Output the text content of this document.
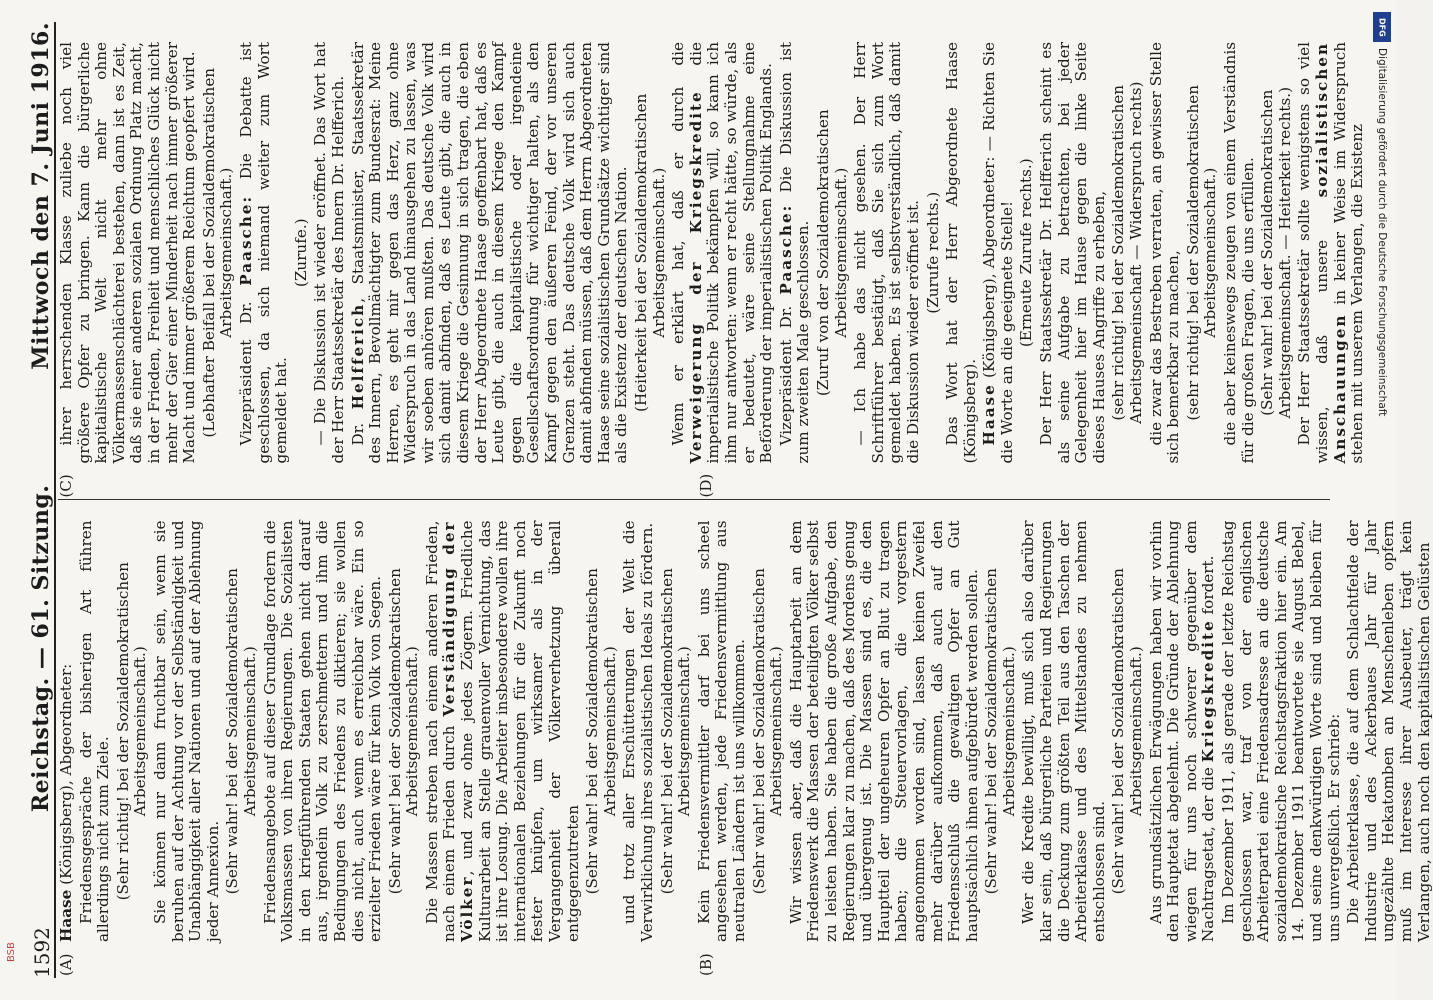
1592
Reichstag. — 61. Sitzung.
Mittwoch den 7. Juni 1916.
(A)	(B)

Haase (Königsberg), Abgeordneter: Friedensgespräche der bisherigen Art führen allerdings nicht zum Ziele. (Sehr richtig! bei der Sozialdemokratischen Arbeitsgemeinschaft.) Sie können nur dann fruchtbar sein, wenn sie beruhen auf der Achtung vor der Selbständigkeit und Unabhängigkeit aller Nationen und auf der Ablehnung jeder Annexion. (Sehr wahr! bei der Sozialdemokratischen Arbeitsgemeinschaft.) Friedensangebote auf dieser Grundlage fordern die Volksmassen von ihren Regierungen. Die Sozialisten in den kriegführenden Staaten gehen nicht darauf aus, irgendein Volk zu zerschmettern und ihm die Bedingungen des Friedens zu diktieren; sie wollen dies nicht, auch wenn es erreichbar wäre. Ein so erzielter Frieden wäre für kein Volk von Segen. (Sehr wahr! bei der Sozialdemokratischen Arbeitsgemeinschaft.) Die Massen streben nach einem anderen Frieden, nach einem Frieden durch Verständigung der Völker, und zwar ohne jedes Zögern. Friedliche Kulturarbeit an Stelle grauenvoller Vernichtung, das ist ihre Losung. Die Arbeiter insbesondere wollen ihre internationalen Beziehungen für die Zukunft noch fester knüpfen, um wirksamer als in der Vergangenheit der Völkerverhetzung überall entgegenzutreten (Sehr wahr! bei der Sozialdemokratischen Arbeitsgemeinschaft.) und trotz aller Erschütterungen der Welt die Verwirklichung ihres sozialistischen Ideals zu fördern. (Sehr wahr! bei der Sozialdemokratischen Arbeitsgemeinschaft.) Kein Friedensvermittler darf bei uns scheel angesehen werden, jede Friedensvermittlung aus neutralen Ländern ist uns willkommen. (Sehr wahr! bei der Sozialdemokratischen Arbeitsgemeinschaft.) Wir wissen aber, daß die Hauptarbeit an dem Friedenswerk die Massen der beteiligten Völker selbst zu leisten haben. Sie haben die große Aufgabe, den Regierungen klar zu machen, daß des Mordens genug und übergenug ist. Die Massen sind es, die den Hauptteil der ungeheuren Opfer an Blut zu tragen haben; die Steuervorlagen, die vorgestern angenommen worden sind, lassen keinen Zweifel mehr darüber aufkommen, daß auch auf den Friedensschluß die gewaltigen Opfer an Gut hauptsächlich ihnen aufgebürdet werden sollen. (Sehr wahr! bei der Sozialdemokratischen Arbeitsgemeinschaft.) Wer die Kredite bewilligt, muß sich also darüber klar sein, daß bürgerliche Parteien und Regierungen die Deckung zum größten Teil aus den Taschen der Arbeiterklasse und des Mittelstandes zu nehmen entschlossen sind. (Sehr wahr! bei der Sozialdemokratischen Arbeitsgemeinschaft.) Aus grundsätzlichen Erwägungen haben wir vorhin den Hauptetat abgelehnt. Die Gründe der Ablehnung wiegen für uns noch schwerer gegenüber dem Nachtragsetat, der die Kriegskredite fordert. Im Dezember 1911, als gerade der letzte Reichstag geschlossen war, traf von der englischen Arbeiterpartei eine Friedensadresse an die deutsche sozialdemokratische Reichstagsfraktion hier ein. Am 14. Dezember 1911 beantwortete sie August Bebel, und seine denkwürdigen Worte sind und bleiben für uns unvergeßlich. Er schrieb: Die Arbeiterklasse, die auf dem Schlachtfelde der Industrie und des Ackerbaues Jahr für Jahr ungezählte Hekatomben an Menschenleben opfern muß im Interesse ihrer Ausbeuter, trägt kein Verlangen, auch noch den kapitalistischen Gelüsten

(C)	(D)

ihrer herrschenden Klasse zuliebe noch viel größere Opfer zu bringen. Kann die bürgerliche kapitalistische Welt nicht mehr ohne Völkermassenschlächterei bestehen, dann ist es Zeit, daß sie einer anderen sozialen Ordnung Platz macht, in der Frieden, Freiheit und menschliches Glück nicht mehr der Gier einer Minderheit nach immer größerer Macht und immer größerem Reichtum geopfert wird. (Lebhafter Beifall bei der Sozialdemokratischen Arbeitsgemeinschaft.)

Vizepräsident Dr. Paasche: Die Debatte ist geschlossen, da sich niemand weiter zum Wort gemeldet hat.

(Zurufe.) — Die Diskussion ist wieder eröffnet. Das Wort hat der Herr Staatssekretär des Innern Dr. Helfferich. Dr. Helfferich, Staatsminister, Staatssekretär des Innern, Bevollmächtigter zum Bundesrat: Meine Herren, es geht mir gegen das Herz, ganz ohne Widerspruch in das Land hinausgehen zu lassen, was wir soeben anhören mußten. Das deutsche Volk wird sich damit abfinden, daß es Leute gibt, die auch in diesem Kriege die Gesinnung in sich tragen, die eben der Herr Abgeordnete Haase geoffenbart hat, daß es Leute gibt, die auch in diesem Kriege den Kampf gegen die kapitalistische oder irgendeine Gesellschaftsordnung für wichtiger halten, als den Kampf gegen den äußeren Feind, der vor unseren Grenzen steht. Das deutsche Volk wird sich auch damit abfinden müssen, daß dem Herrn Abgeordneten Haase seine sozialistischen Grundsätze wichtiger sind als die Existenz der deutschen Nation. (Heiterkeit bei der Sozialdemokratischen Arbeitsgemeinschaft.) Wenn er erklärt hat, daß er durch die Verweigerung der Kriegskredite die imperialistische Politik bekämpfen will, so kann ich ihm nur antworten: wenn er recht hätte, so würde, als er bedeutet, wäre seine Stellungnahme eine Beförderung der imperialistischen Politik Englands. Vizepräsident Dr. Paasche: Die Diskussion ist zum zweiten Male geschlossen. (Zuruf von der Sozialdemokratischen Arbeitsgemeinschaft.) — Ich habe das nicht gesehen. Der Herr Schriftführer bestätigt, daß Sie sich zum Wort gemeldet haben. Es ist selbstverständlich, daß damit die Diskussion wieder eröffnet ist. (Zurufe rechts.) Das Wort hat der Herr Abgeordnete Haase (Königsberg). Haase (Königsberg), Abgeordneter: — Richten Sie die Worte an die geeignete Stelle! (Erneute Zurufe rechts.) Der Herr Staatssekretär Dr. Helfferich scheint es als seine Aufgabe zu betrachten, bei jeder Gelegenheit hier im Hause gegen die linke Seite dieses Hauses Angriffe zu erheben, (sehr richtig! bei der Sozialdemokratischen Arbeitsgemeinschaft — Widerspruch rechts) die zwar das Bestreben verraten, an gewisser Stelle sich bemerkbar zu machen, (sehr richtig! bei der Sozialdemokratischen Arbeitsgemeinschaft.) die aber keineswegs zeugen von einem Verständnis für die großen Fragen, die uns erfüllen. (Sehr wahr! bei der Sozialdemokratischen Arbeitsgemeinschaft. — Heiterkeit rechts.) Der Herr Staatssekretär sollte wenigstens so viel wissen, daß unsere sozialistischen Anschauungen in keiner Weise im Widerspruch stehen mit unserem Verlangen, die Existenz

BSB
DFG
Digitalisierung gefördert durch die Deutsche Forschungsgemeinschaft
